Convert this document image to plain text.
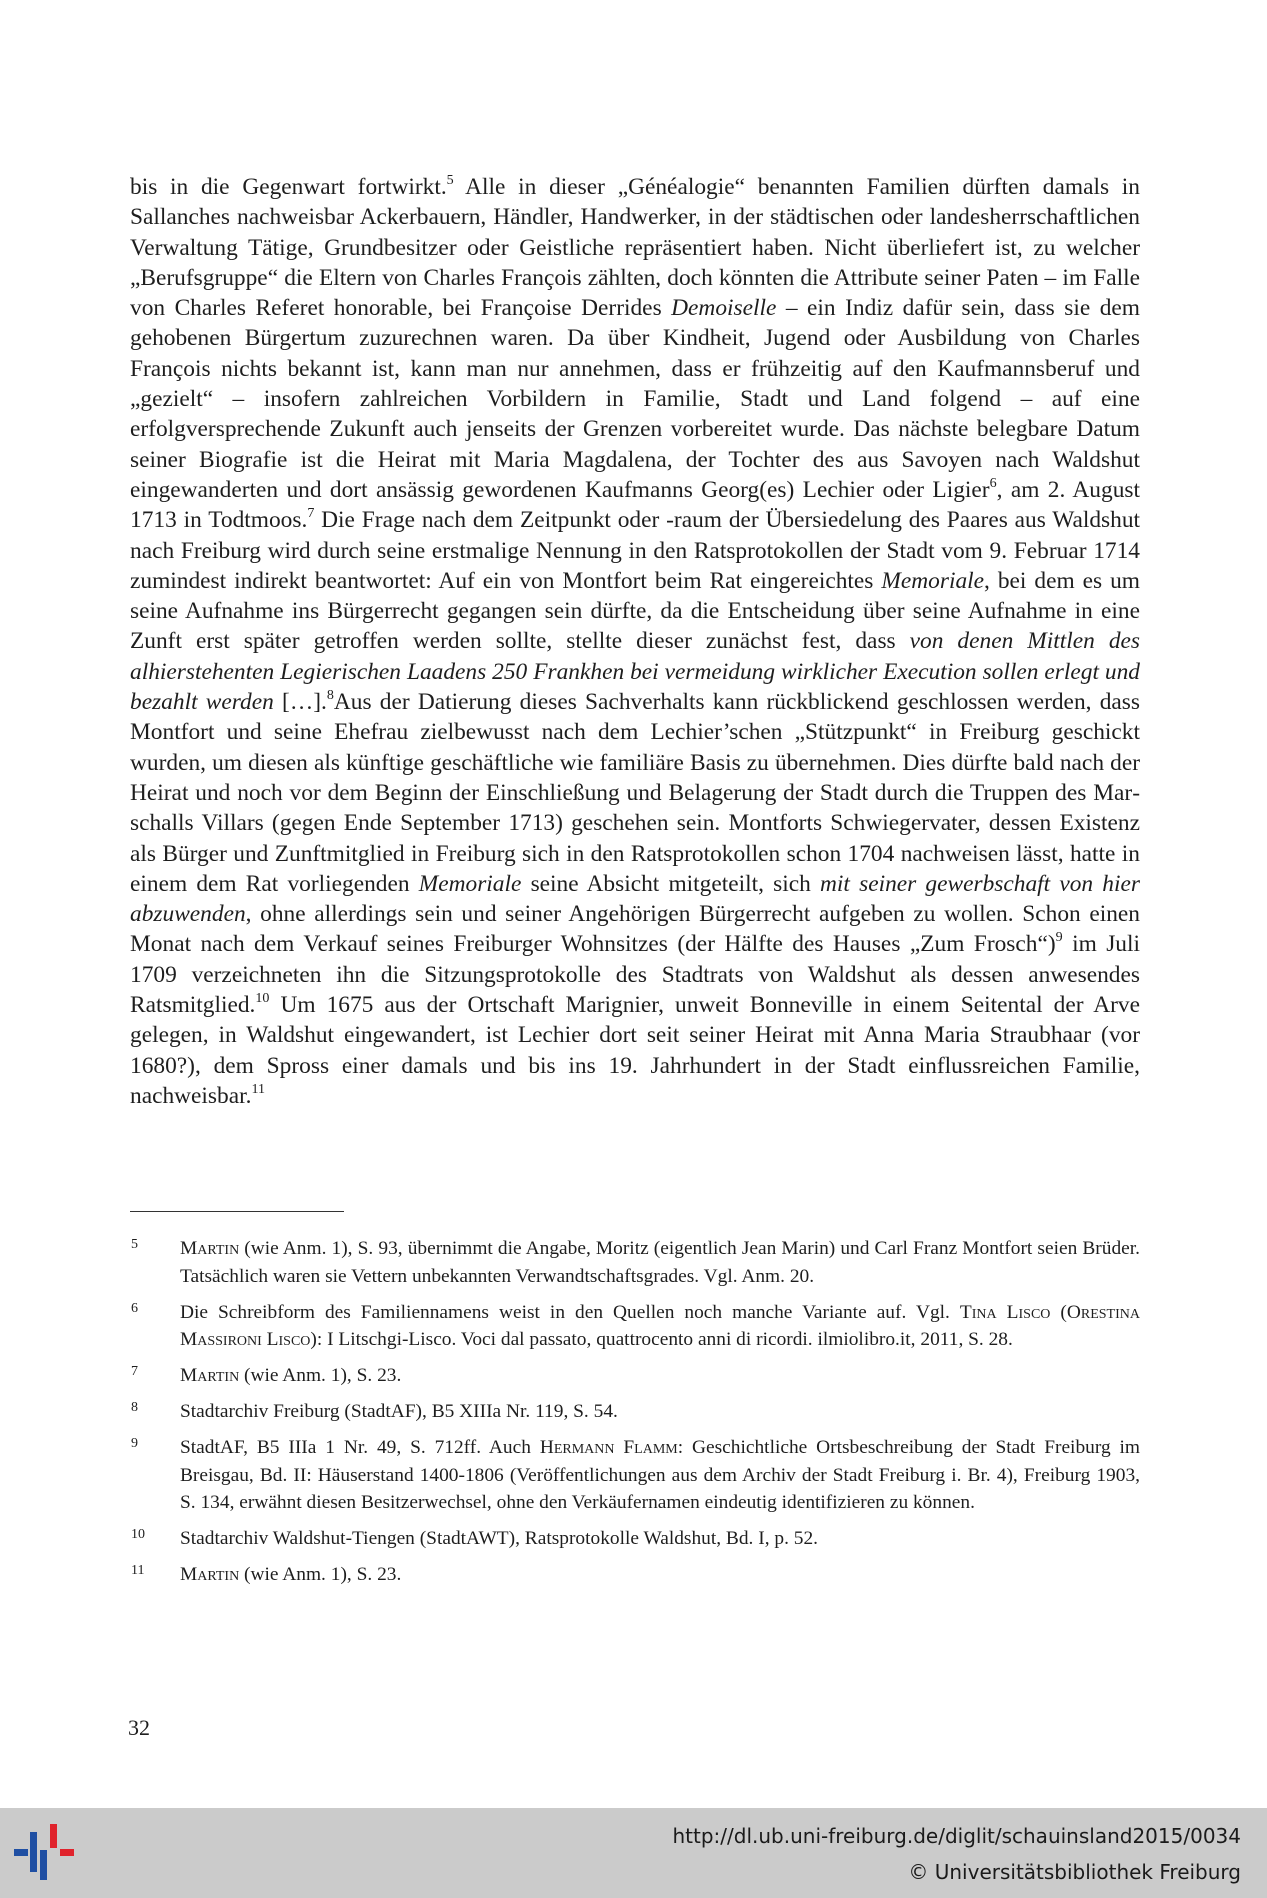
bis in die Gegenwart fortwirkt.$^5$ Alle in dieser „Généalogie“ benannten Familien dürften damals in Sallanches nachweisbar Ackerbauern, Händler, Handwerker, in der städtischen oder landesherrschaftlichen Verwaltung Tätige, Grundbesitzer oder Geistliche repräsentiert haben. Nicht überliefert ist, zu welcher „Berufsgruppe“ die Eltern von Charles François zählten, doch könnten die Attribute seiner Paten – im Falle von Charles Referet honorable, bei Françoise Derrides Demoiselle – ein Indiz dafür sein, dass sie dem gehobenen Bürgertum zuzurechnen waren. Da über Kindheit, Jugend oder Ausbildung von Charles François nichts bekannt ist, kann man nur annehmen, dass er frühzeitig auf den Kaufmannsberuf und „gezielt“ – insofern zahlreichen Vorbildern in Familie, Stadt und Land folgend – auf eine erfolgversprechende Zukunft auch jenseits der Grenzen vorbereitet wurde. Das nächste belegbare Datum seiner Biografie ist die Heirat mit Maria Magdalena, der Tochter des aus Savoyen nach Waldshut eingewanderten und dort ansässig gewordenen Kaufmanns Georg(es) Lechier oder Ligier$^6$, am 2. August 1713 in Todtmoos.$^7$ Die Frage nach dem Zeitpunkt oder -raum der Übersiedelung des Paares aus Waldshut nach Freiburg wird durch seine erstmalige Nennung in den Ratsprotokollen der Stadt vom 9. Februar 1714 zumindest indirekt beantwortet: Auf ein von Montfort beim Rat eingereichtes Memoriale, bei dem es um seine Aufnahme ins Bürgerrecht gegangen sein dürfte, da die Entscheidung über seine Aufnahme in eine Zunft erst später getroffen werden sollte, stellte dieser zunächst fest, dass von denen Mittlen des alhierstehenten Legierischen Laadens 250 Frankhen bei vermeidung wirklicher Execution sollen erlegt und bezahlt werden […].$^8$Aus der Datierung dieses Sachverhalts kann rückblickend geschlossen werden, dass Montfort und seine Ehefrau zielbewusst nach dem Lechier’schen „Stützpunkt“ in Freiburg geschickt wurden, um diesen als künftige geschäftliche wie familiäre Basis zu übernehmen. Dies dürfte bald nach der Heirat und noch vor dem Beginn der Einschließung und Belagerung der Stadt durch die Truppen des Marschalls Villars (gegen Ende September 1713) geschehen sein. Montforts Schwiegervater, dessen Existenz als Bürger und Zunftmitglied in Freiburg sich in den Ratsprotokollen schon 1704 nachweisen lässt, hatte in einem dem Rat vorliegenden Memoriale seine Absicht mitgeteilt, sich mit seiner gewerbschaft von hier abzuwenden, ohne allerdings sein und seiner Angehörigen Bürgerrecht aufgeben zu wollen. Schon einen Monat nach dem Verkauf seines Freiburger Wohnsitzes (der Hälfte des Hauses „Zum Frosch“)$^9$ im Juli 1709 verzeichneten ihn die Sitzungsprotokolle des Stadtrats von Waldshut als dessen anwesendes Ratsmitglied.$^{10}$ Um 1675 aus der Ortschaft Marignier, unweit Bonneville in einem Seitental der Arve gelegen, in Waldshut eingewandert, ist Lechier dort seit seiner Heirat mit Anna Maria Straubhaar (vor 1680?), dem Spross einer damals und bis ins 19. Jahrhundert in der Stadt einflussreichen Familie, nachweisbar.$^{11}$

5	Martin (wie Anm. 1), S. 93, übernimmt die Angabe, Moritz (eigentlich Jean Marin) und Carl Franz Montfort seien Brüder. Tatsächlich waren sie Vettern unbekannten Verwandtschaftsgrades. Vgl. Anm. 20.
6	Die Schreibform des Familiennamens weist in den Quellen noch manche Variante auf. Vgl. Tina Lisco (Orestina Massironi Lisco): I Litschgi-Lisco. Voci dal passato, quattrocento anni di ricordi. ilmiolibro.it, 2011, S. 28.
7	Martin (wie Anm. 1), S. 23.
8	Stadtarchiv Freiburg (StadtAF), B5 XIIIa Nr. 119, S. 54.
9	StadtAF, B5 IIIa 1 Nr. 49, S. 712ff. Auch Hermann Flamm: Geschichtliche Ortsbeschreibung der Stadt Freiburg im Breisgau, Bd. II: Häuserstand 1400-1806 (Veröffentlichungen aus dem Archiv der Stadt Freiburg i. Br. 4), Freiburg 1903, S. 134, erwähnt diesen Besitzerwechsel, ohne den Verkäufernamen eindeutig identifizieren zu können.
10	Stadtarchiv Waldshut-Tiengen (StadtAWT), Ratsprotokolle Waldshut, Bd. I, p. 52.
11	Martin (wie Anm. 1), S. 23.
32
http://dl.ub.uni-freiburg.de/diglit/schauinsland2015/0034
© Universitätsbibliothek Freiburg
